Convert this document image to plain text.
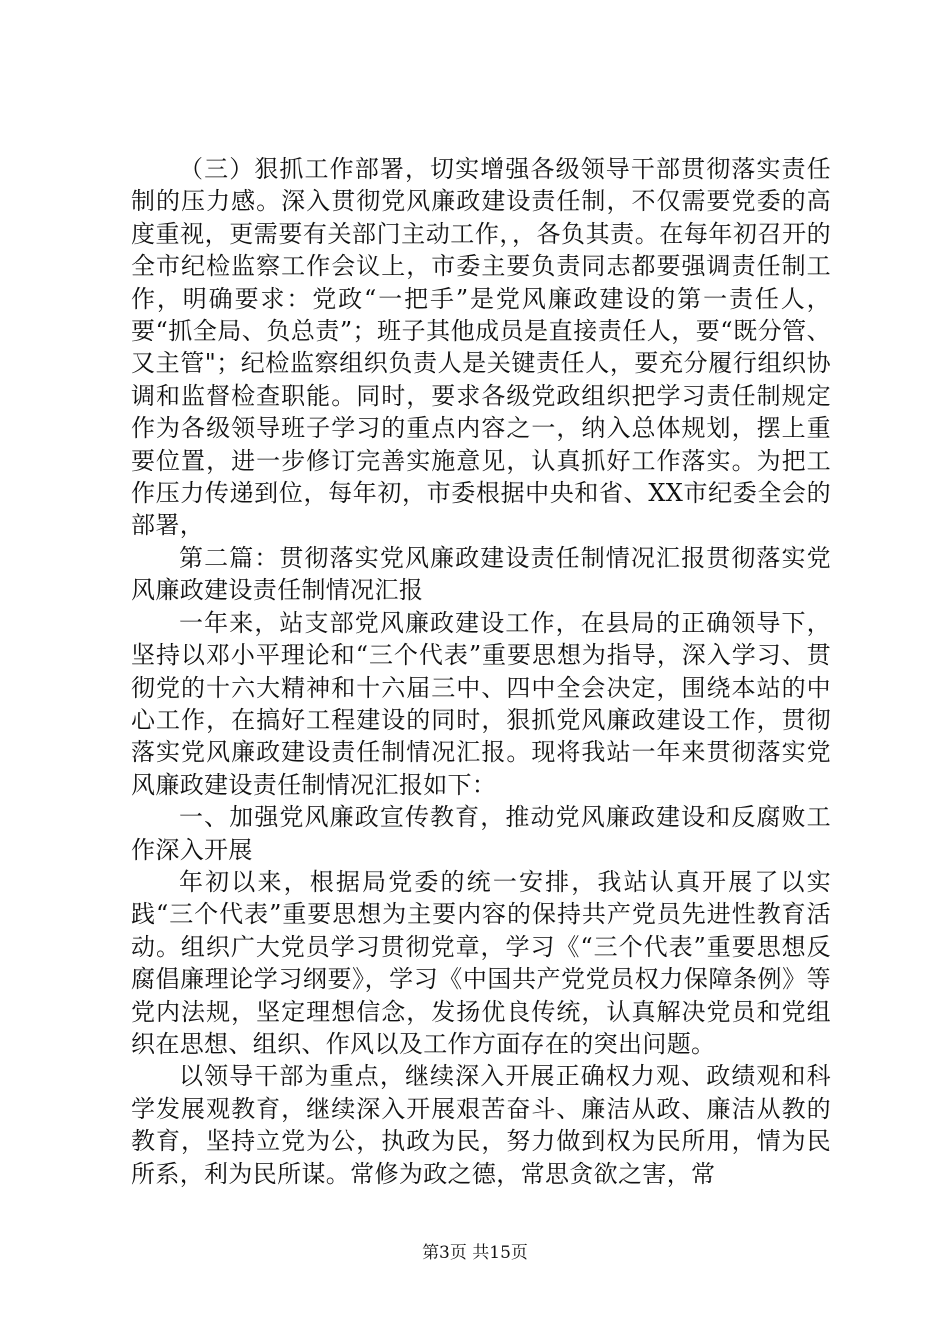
（三）狠抓工作部署，切实增强各级领导干部贯彻落实责任制的压力感。深入贯彻党风廉政建设责任制，不仅需要党委的高度重视，更需要有关部门主动工作，，各负其责。在每年初召开的全市纪检监察工作会议上，市委主要负责同志都要强调责任制工作，明确要求：党政“一把手”是党风廉政建设的第一责任人，要“抓全局、负总责”；班子其他成员是直接责任人，要“既分管、又主管"；纪检监察组织负责人是关键责任人，要充分履行组织协调和监督检查职能。同时，要求各级党政组织把学习责任制规定作为各级领导班子学习的重点内容之一，纳入总体规划，摆上重要位置，进一步修订完善实施意见，认真抓好工作落实。为把工作压力传递到位，每年初，市委根据中央和省、XX市纪委全会的部署，

第二篇：贯彻落实党风廉政建设责任制情况汇报贯彻落实党风廉政建设责任制情况汇报

一年来，站支部党风廉政建设工作，在县局的正确领导下，坚持以邓小平理论和“三个代表”重要思想为指导，深入学习、贯彻党的十六大精神和十六届三中、四中全会决定，围绕本站的中心工作，在搞好工程建设的同时，狠抓党风廉政建设工作，贯彻落实党风廉政建设责任制情况汇报。现将我站一年来贯彻落实党风廉政建设责任制情况汇报如下：

一、加强党风廉政宣传教育，推动党风廉政建设和反腐败工作深入开展

年初以来，根据局党委的统一安排，我站认真开展了以实践“三个代表”重要思想为主要内容的保持共产党员先进性教育活动。组织广大党员学习贯彻党章，学习《“三个代表”重要思想反腐倡廉理论学习纲要》，学习《中国共产党党员权力保障条例》等党内法规，坚定理想信念，发扬优良传统，认真解决党员和党组织在思想、组织、作风以及工作方面存在的突出问题。

以领导干部为重点，继续深入开展正确权力观、政绩观和科学发展观教育，继续深入开展艰苦奋斗、廉洁从政、廉洁从教的教育，坚持立党为公，执政为民，努力做到权为民所用，情为民所系，利为民所谋。常修为政之德，常思贪欲之害，常

第3页 共15页
